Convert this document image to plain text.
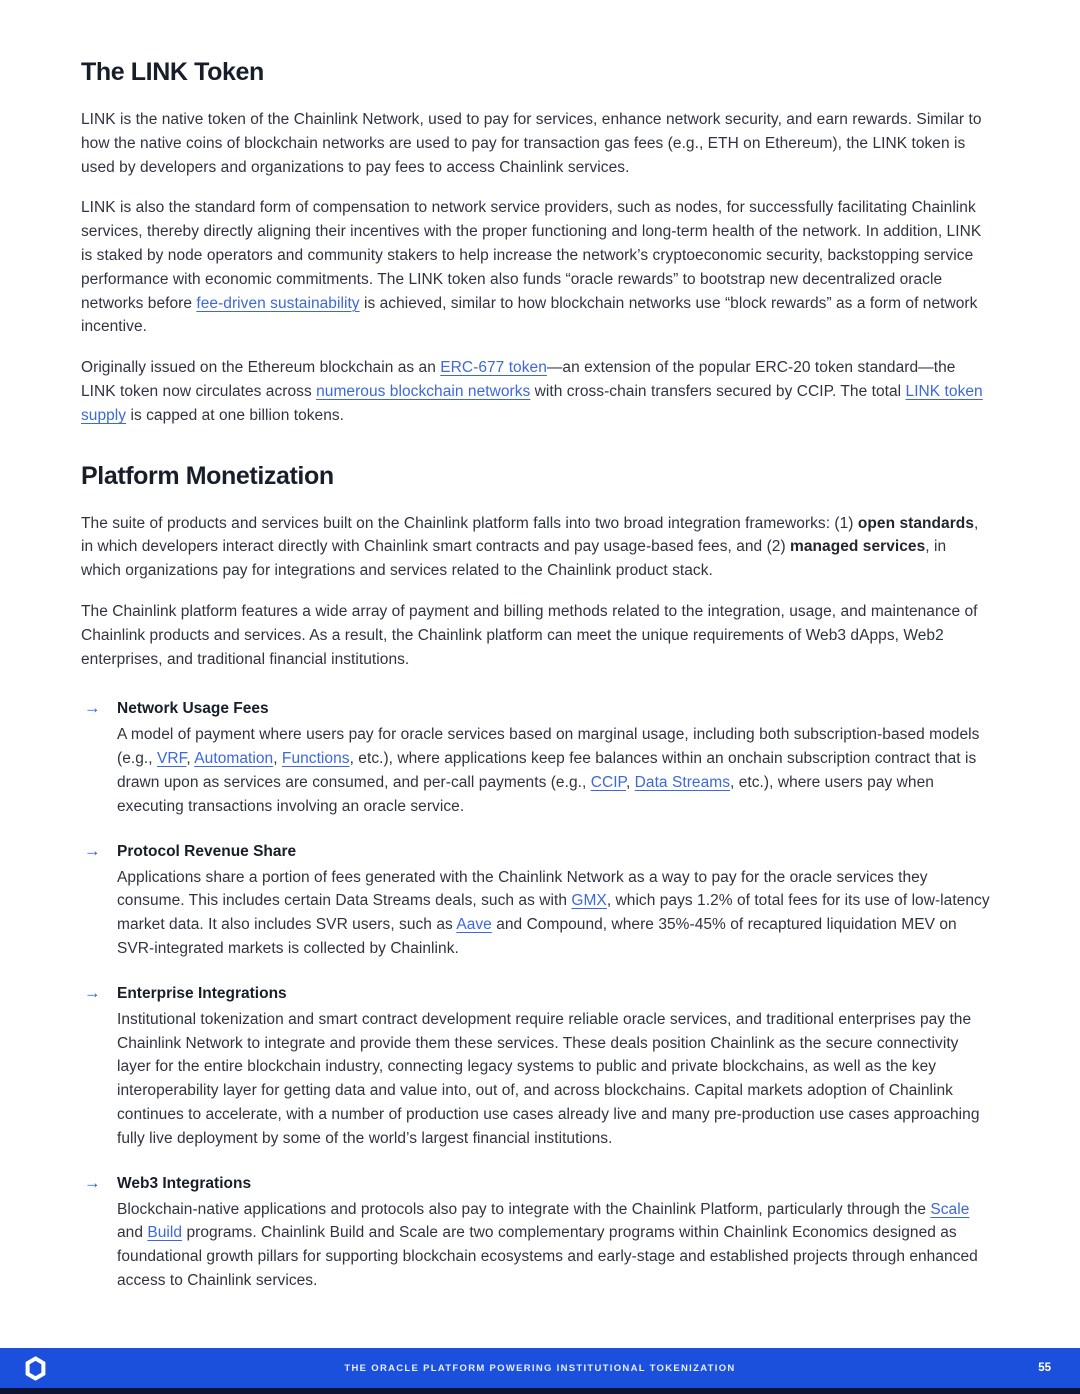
The LINK Token

LINK is the native token of the Chainlink Network, used to pay for services, enhance network security, and earn rewards. Similar to how the native coins of blockchain networks are used to pay for transaction gas fees (e.g., ETH on Ethereum), the LINK token is used by developers and organizations to pay fees to access Chainlink services.

LINK is also the standard form of compensation to network service providers, such as nodes, for successfully facilitating Chainlink services, thereby directly aligning their incentives with the proper functioning and long-term health of the network. In addition, LINK is staked by node operators and community stakers to help increase the network’s cryptoeconomic security, backstopping service performance with economic commitments. The LINK token also funds “oracle rewards” to bootstrap new decentralized oracle networks before fee-driven sustainability is achieved, similar to how blockchain networks use “block rewards” as a form of network incentive.

Originally issued on the Ethereum blockchain as an ERC-677 token—an extension of the popular ERC-20 token standard—the LINK token now circulates across numerous blockchain networks with cross-chain transfers secured by CCIP. The total LINK token supply is capped at one billion tokens.

Platform Monetization

The suite of products and services built on the Chainlink platform falls into two broad integration frameworks: (1) open standards, in which developers interact directly with Chainlink smart contracts and pay usage-based fees, and (2) managed services, in which organizations pay for integrations and services related to the Chainlink product stack.

The Chainlink platform features a wide array of payment and billing methods related to the integration, usage, and maintenance of Chainlink products and services. As a result, the Chainlink platform can meet the unique requirements of Web3 dApps, Web2 enterprises, and traditional financial institutions.

→	Network Usage Fees

A model of payment where users pay for oracle services based on marginal usage, including both subscription-based models (e.g., VRF, Automation, Functions, etc.), where applications keep fee balances within an onchain subscription contract that is drawn upon as services are consumed, and per-call payments (e.g., CCIP, Data Streams, etc.), where users pay when executing transactions involving an oracle service.

→	Protocol Revenue Share

Applications share a portion of fees generated with the Chainlink Network as a way to pay for the oracle services they consume. This includes certain Data Streams deals, such as with GMX, which pays 1.2% of total fees for its use of low-latency market data. It also includes SVR users, such as Aave and Compound, where 35%-45% of recaptured liquidation MEV on SVR-integrated markets is collected by Chainlink.

→	Enterprise Integrations

Institutional tokenization and smart contract development require reliable oracle services, and traditional enterprises pay the Chainlink Network to integrate and provide them these services. These deals position Chainlink as the secure connectivity layer for the entire blockchain industry, connecting legacy systems to public and private blockchains, as well as the key interoperability layer for getting data and value into, out of, and across blockchains. Capital markets adoption of Chainlink continues to accelerate, with a number of production use cases already live and many pre-production use cases approaching fully live deployment by some of the world’s largest financial institutions.

→	Web3 Integrations

Blockchain-native applications and protocols also pay to integrate with the Chainlink Platform, particularly through the Scale and Build programs. Chainlink Build and Scale are two complementary programs within Chainlink Economics designed as foundational growth pillars for supporting blockchain ecosystems and early-stage and established projects through enhanced access to Chainlink services.

THE ORACLE PLATFORM POWERING INSTITUTIONAL TOKENIZATION	55
